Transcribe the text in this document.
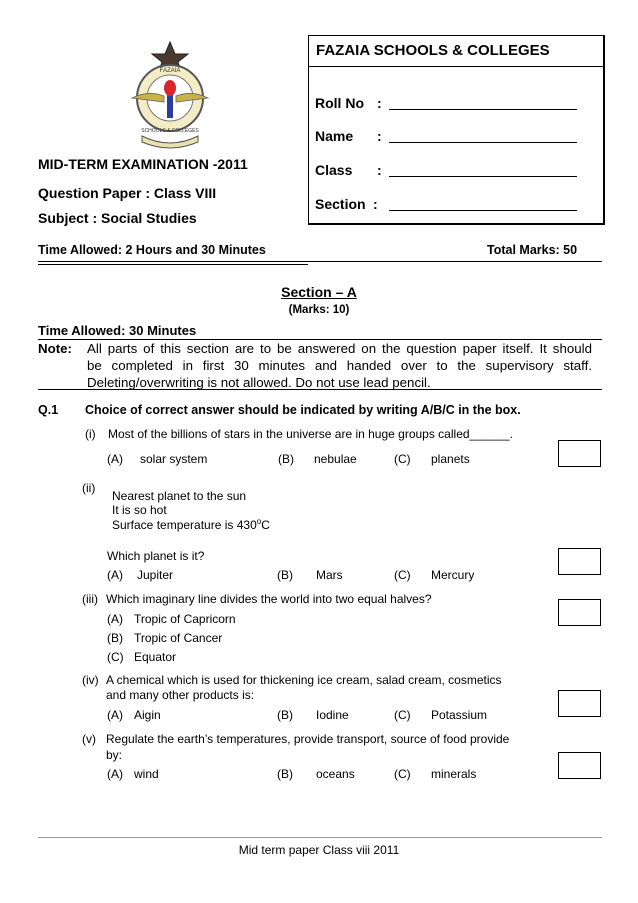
FAZAIA
SCHOOLS & COLLEGES
FAZAIA SCHOOLS & COLLEGES
Roll No :
Name :
Class :
Section :
MID-TERM EXAMINATION -2011
Question Paper : Class VIII
Subject : Social Studies
Time Allowed: 2 Hours and 30 Minutes	Total Marks: 50
Section – A
(Marks: 10)
Time Allowed: 30 Minutes
Note: All parts of this section are to be answered on the question paper itself. It should
be completed in first 30 minutes and handed over to the supervisory staff.
Deleting/overwriting is not allowed. Do not use lead pencil.
Q.1 Choice of correct answer should be indicated by writing A/B/C in the box.
(i) Most of the billions of stars in the universe are in huge groups called______.
(A) solar system	(B) nebulae	(C) planets
(ii)
Nearest planet to the sun
It is so hot
Surface temperature is 430$^o$C
Which planet is it?
(A) Jupiter	(B) Mars	(C) Mercury
(iii) Which imaginary line divides the world into two equal halves?
(A) Tropic of Capricorn
(B) Tropic of Cancer
(C) Equator
(iv) A chemical which is used for thickening ice cream, salad cream, cosmetics
and many other products is:
(A) Aigin	(B) Iodine	(C) Potassium
(v) Regulate the earth’s temperatures, provide transport, source of food provide
by:
(A) wind	(B) oceans	(C) minerals
Mid term paper Class viii 2011
